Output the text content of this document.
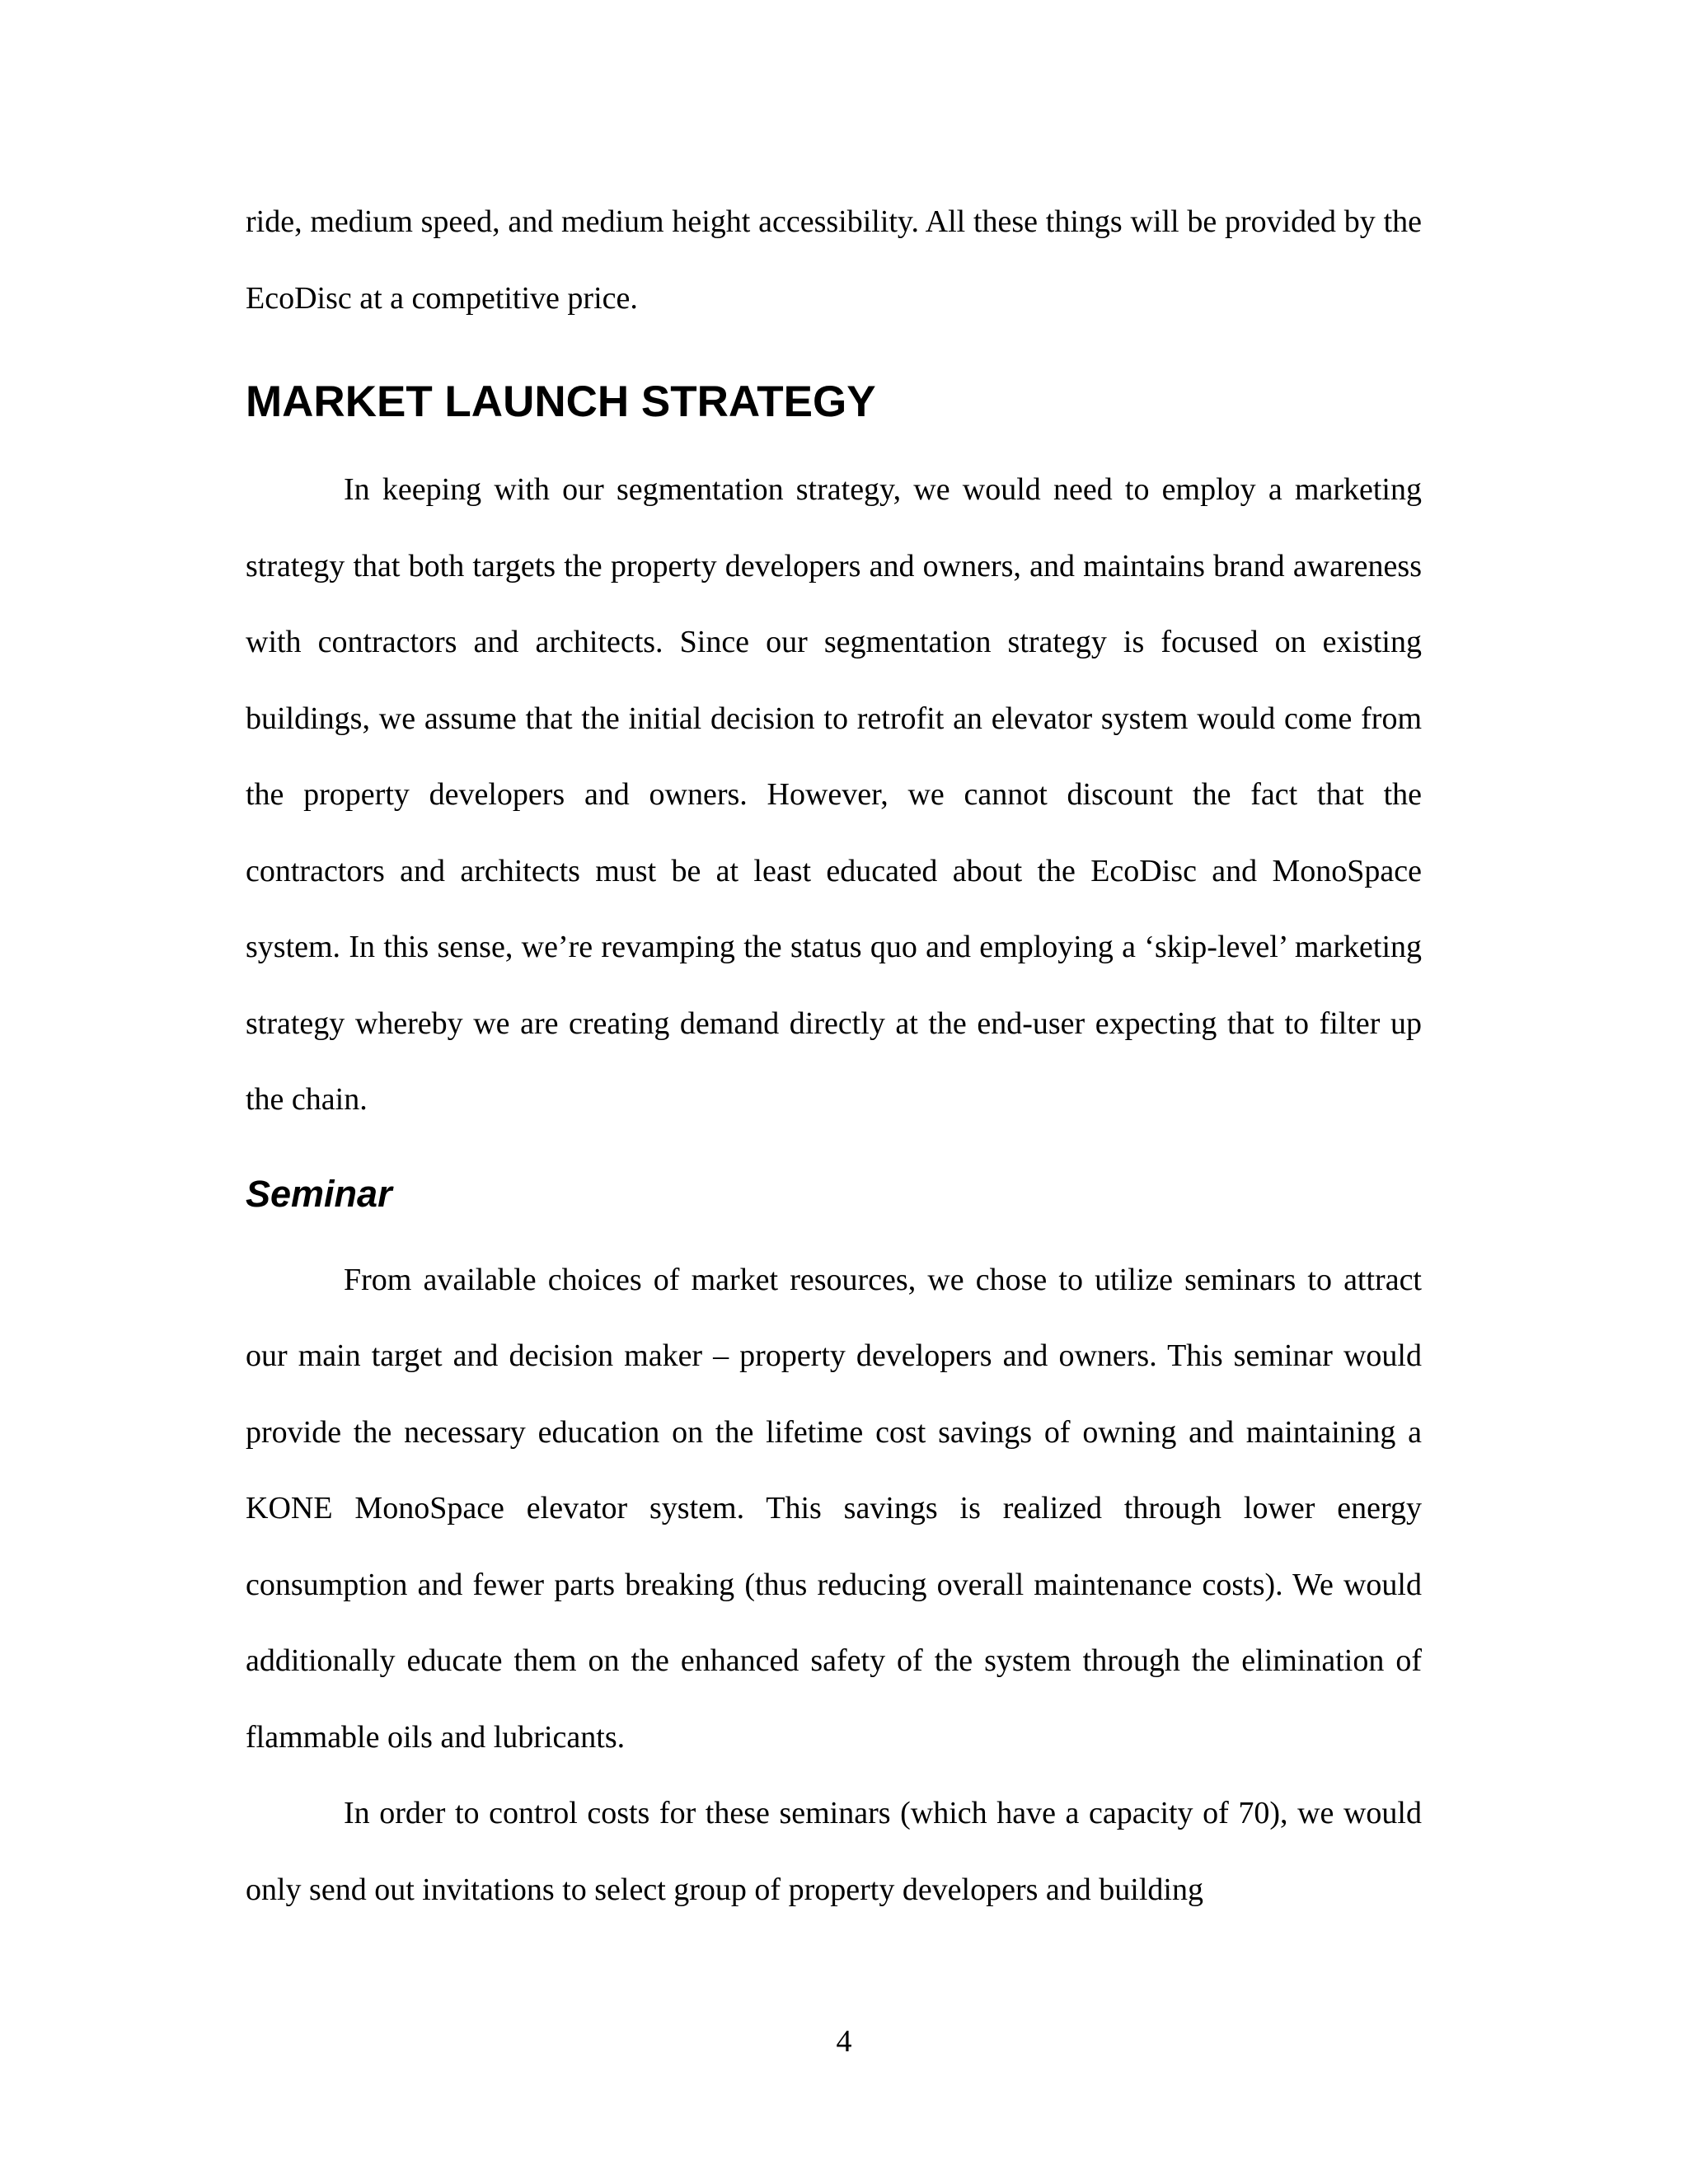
ride, medium speed, and medium height accessibility. All these things will be provided by the EcoDisc at a competitive price.

MARKET LAUNCH STRATEGY

In keeping with our segmentation strategy, we would need to employ a marketing strategy that both targets the property developers and owners, and maintains brand awareness with contractors and architects. Since our segmentation strategy is focused on existing buildings, we assume that the initial decision to retrofit an elevator system would come from the property developers and owners. However, we cannot discount the fact that the contractors and architects must be at least educated about the EcoDisc and MonoSpace system. In this sense, we’re revamping the status quo and employing a ‘skip-level’ marketing strategy whereby we are creating demand directly at the end-user expecting that to filter up the chain.

Seminar

From available choices of market resources, we chose to utilize seminars to attract our main target and decision maker – property developers and owners. This seminar would provide the necessary education on the lifetime cost savings of owning and maintaining a KONE MonoSpace elevator system. This savings is realized through lower energy consumption and fewer parts breaking (thus reducing overall maintenance costs). We would additionally educate them on the enhanced safety of the system through the elimination of flammable oils and lubricants.

In order to control costs for these seminars (which have a capacity of 70), we would only send out invitations to select group of property developers and building

4
